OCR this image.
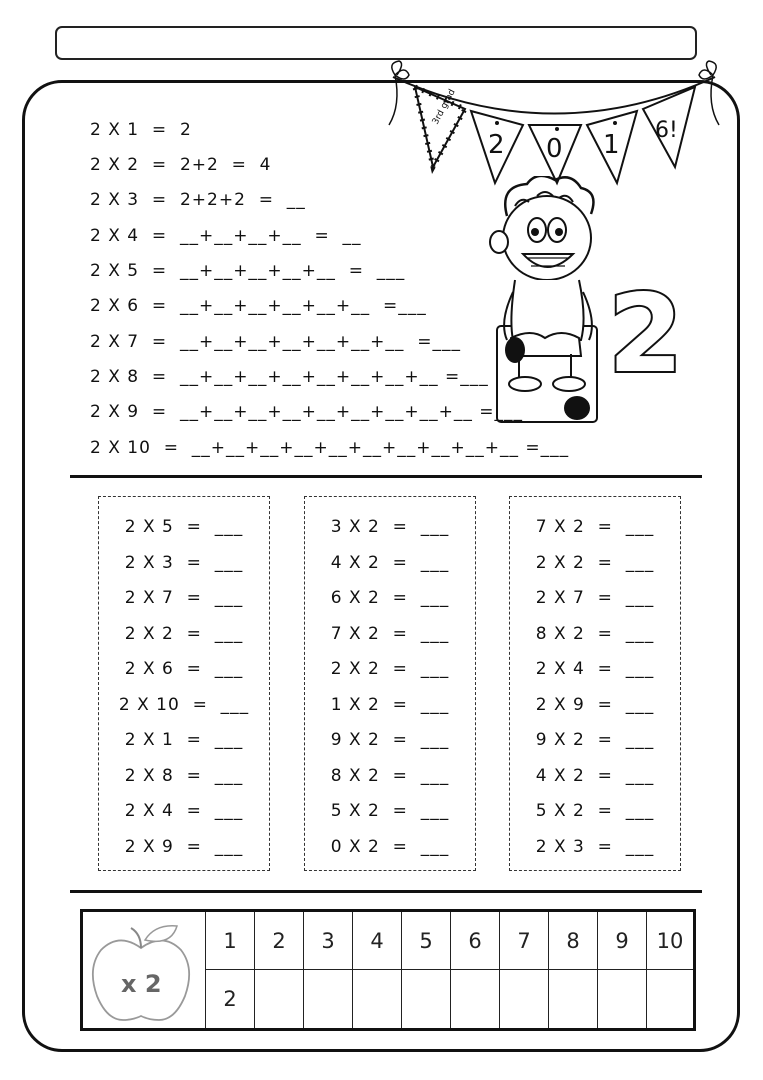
3rd grad
2 0 1 6!
2
2 X 1  =  2
2 X 2  =  2+2  =  4
2 X 3  =  2+2+2  =  __
2 X 4  =  __+__+__+__  =  __
2 X 5  =  __+__+__+__+__  =  ___
2 X 6  =  __+__+__+__+__+__  =___
2 X 7  =  __+__+__+__+__+__+__  =___
2 X 8  =  __+__+__+__+__+__+__+__ =___
2 X 9  =  __+__+__+__+__+__+__+__+__ =___
2 X 10  =  __+__+__+__+__+__+__+__+__+__ =___
2 X 5  =  ___
2 X 3  =  ___
2 X 7  =  ___
2 X 2  =  ___
2 X 6  =  ___
2 X 10  =  ___
2 X 1  =  ___
2 X 8  =  ___
2 X 4  =  ___
2 X 9  =  ___
3 X 2  =  ___
4 X 2  =  ___
6 X 2  =  ___
7 X 2  =  ___
2 X 2  =  ___
1 X 2  =  ___
9 X 2  =  ___
8 X 2  =  ___
5 X 2  =  ___
0 X 2  =  ___
7 X 2  =  ___
2 X 2  =  ___
2 X 7  =  ___
8 X 2  =  ___
2 X 4  =  ___
2 X 9  =  ___
9 X 2  =  ___
4 X 2  =  ___
5 X 2  =  ___
2 X 3  =  ___
x 2
1	2	3	4	5	6	7	8	9	10
2
